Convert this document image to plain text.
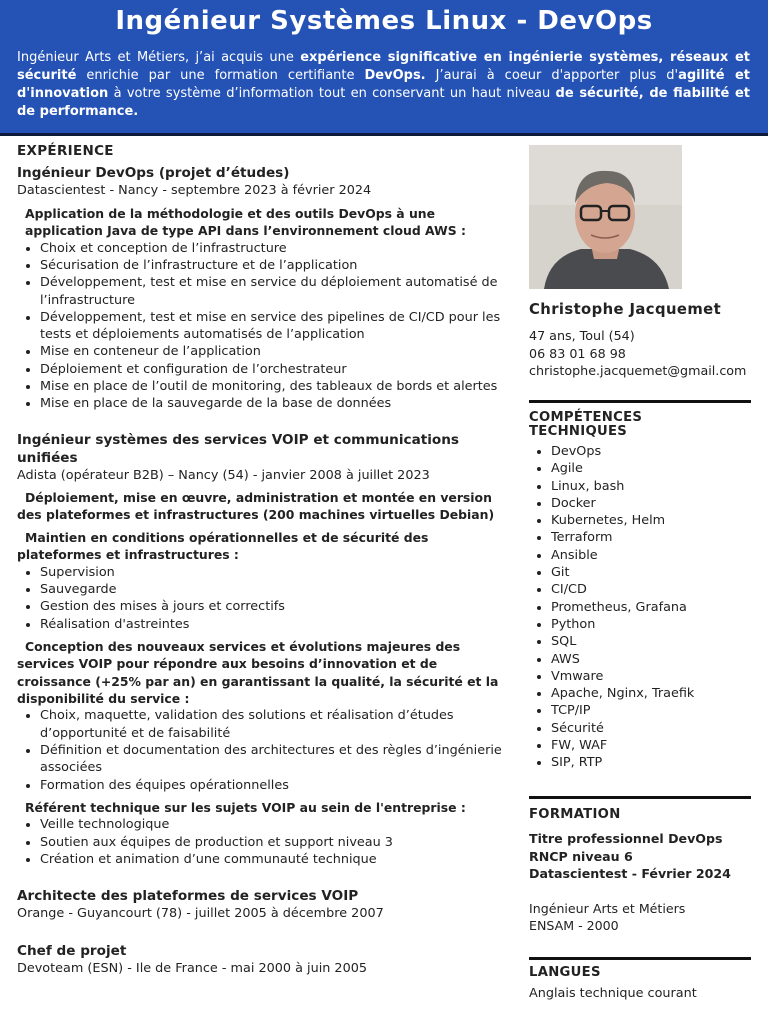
Ingénieur Systèmes Linux - DevOps
Ingénieur Arts et Métiers, j’ai acquis une expérience significative en ingénierie systèmes, réseaux et sécurité enrichie par une formation certifiante DevOps. J’aurai à coeur d'apporter plus d'agilité et d'innovation à votre système d’information tout en conservant un haut niveau de sécurité, de fiabilité et de performance.
EXPÉRIENCE
Ingénieur DevOps (projet d’études)
Datascientest - Nancy - septembre 2023 à février 2024
Application de la méthodologie et des outils DevOps à une application Java de type API dans l’environnement cloud AWS :
• Choix et conception de l’infrastructure
• Sécurisation de l’infrastructure et de l’application
• Développement, test et mise en service du déploiement automatisé de l’infrastructure
• Développement, test et mise en service des pipelines de CI/CD pour les tests et déploiements automatisés de l’application
• Mise en conteneur de l’application
• Déploiement et configuration de l’orchestrateur
• Mise en place de l’outil de monitoring, des tableaux de bords et alertes
• Mise en place de la sauvegarde de la base de données
Ingénieur systèmes des services VOIP et communications unifiées
Adista (opérateur B2B) – Nancy (54) - janvier 2008 à juillet 2023
Déploiement, mise en œuvre, administration et montée en version des plateformes et infrastructures (200 machines virtuelles Debian)
Maintien en conditions opérationnelles et de sécurité des plateformes et infrastructures :
• Supervision
• Sauvegarde
• Gestion des mises à jours et correctifs
• Réalisation d'astreintes
Conception des nouveaux services et évolutions majeures des services VOIP pour répondre aux besoins d’innovation et de croissance (+25% par an) en garantissant la qualité, la sécurité et la disponibilité du service :
• Choix, maquette, validation des solutions et réalisation d’études d’opportunité et de faisabilité
• Définition et documentation des architectures et des règles d’ingénierie associées
• Formation des équipes opérationnelles
Référent technique sur les sujets VOIP au sein de l'entreprise :
• Veille technologique
• Soutien aux équipes de production et support niveau 3
• Création et animation d’une communauté technique
Architecte des plateformes de services VOIP
Orange - Guyancourt (78) - juillet 2005 à décembre 2007
Chef de projet
Devoteam (ESN) - Ile de France - mai 2000 à juin 2005
Christophe Jacquemet
47 ans, Toul (54)
06 83 01 68 98
christophe.jacquemet@gmail.com
COMPÉTENCES
TECHNIQUES
• DevOps
• Agile
• Linux, bash
• Docker
• Kubernetes, Helm
• Terraform
• Ansible
• Git
• CI/CD
• Prometheus, Grafana
• Python
• SQL
• AWS
• Vmware
• Apache, Nginx, Traefik
• TCP/IP
• Sécurité
• FW, WAF
• SIP, RTP
FORMATION
Titre professionnel DevOps
RNCP niveau 6
Datascientest - Février 2024
Ingénieur Arts et Métiers
ENSAM - 2000
LANGUES
Anglais technique courant
